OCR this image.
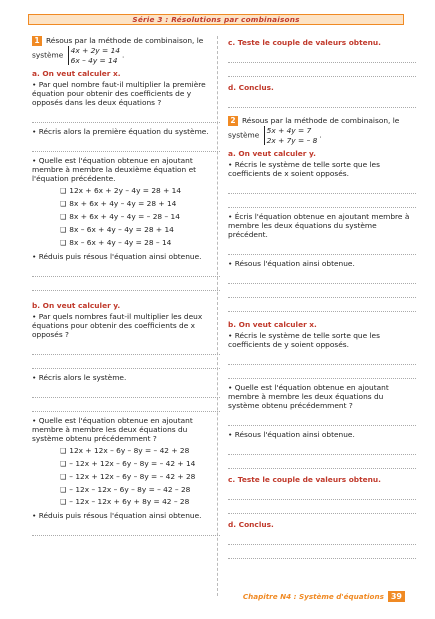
Série 3 : Résolutions par combinaisons
1 Résous par la méthode de combinaison, le système 4x + 2y = 14
6x – 4y = 14.
a. On veut calculer x.
• Par quel nombre faut-il multiplier la première équation pour obtenir des coefficients de y opposés dans les deux équations ?
• Récris alors la première équation du système.
• Quelle est l'équation obtenue en ajoutant membre à membre la deuxième équation et l'équation précédente.
❑ 12x + 6x + 2y – 4y = 28 + 14
❑ 8x + 6x + 4y – 4y = 28 + 14
❑ 8x + 6x + 4y – 4y = – 28 – 14
❑ 8x – 6x + 4y – 4y = 28 + 14
❑ 8x – 6x + 4y – 4y = 28 – 14
• Réduis puis résous l'équation ainsi obtenue.
b. On veut calculer y.
• Par quels nombres faut-il multiplier les deux équations pour obtenir des coefficients de x opposés ?
• Récris alors le système.
• Quelle est l'équation obtenue en ajoutant membre à membre les deux équations du système obtenu précédemment ?
❑ 12x + 12x – 6y – 8y = – 42 + 28
❑ – 12x + 12x – 6y – 8y = – 42 + 14
❑ – 12x + 12x – 6y – 8y = – 42 + 28
❑ – 12x – 12x – 6y – 8y = – 42 – 28
❑ – 12x – 12x + 6y + 8y = 42 – 28
• Réduis puis résous l'équation ainsi obtenue.
c. Teste le couple de valeurs obtenu.
d. Conclus.
2 Résous par la méthode de combinaison, le système 5x + 4y = 7
2x + 7y = – 8.
a. On veut calculer y.
• Récris le système de telle sorte que les coefficients de x soient opposés.
• Écris l'équation obtenue en ajoutant membre à membre les deux équations du système précédent.
• Résous l'équation ainsi obtenue.
b. On veut calculer x.
• Récris le système de telle sorte que les coefficients de y soient opposés.
• Quelle est l'équation obtenue en ajoutant membre à membre les deux équations du système obtenu précédemment ?
• Résous l'équation ainsi obtenue.
c. Teste le couple de valeurs obtenu.
d. Conclus.
Chapitre N4 : Système d'équations 39
